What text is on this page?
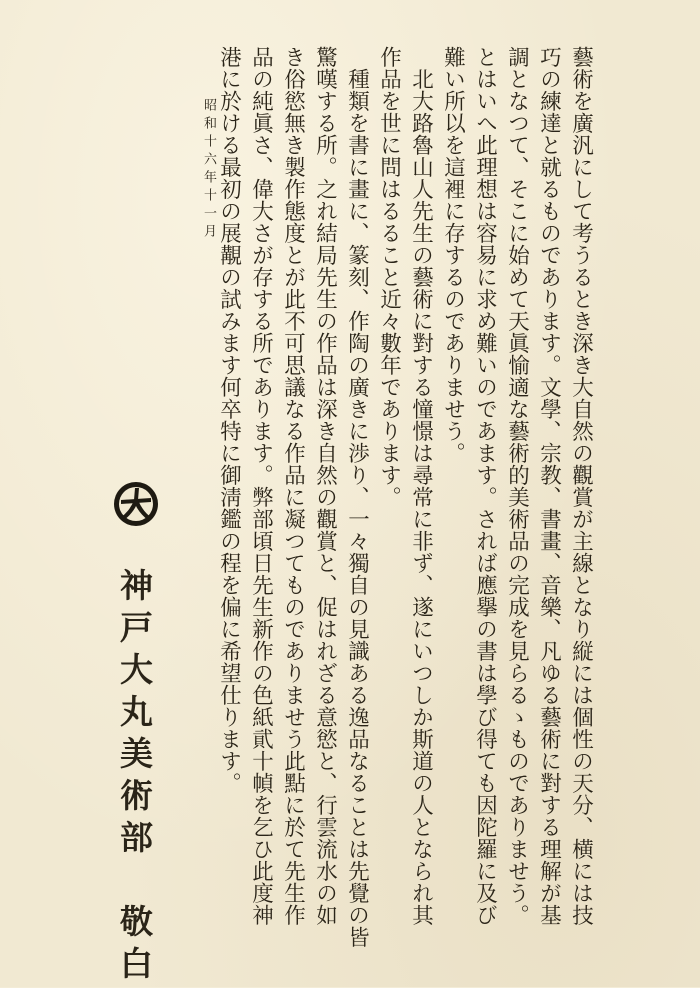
藝術を廣汎にして考うるとき深き大自然の觀賞が主線となり縦には個性の天分、横には技
巧の練達と就るものであります。文學、宗教、書畫、音樂、凡ゆる藝術に對する理解が基
調となつて、そこに始めて天眞愉適な藝術的美術品の完成を見らるゝものでありませう。
とはいへ此理想は容易に求め難いのであます。されば應擧の書は學び得ても因陀羅に及び
難い所以を這裡に存するのでありませう。
　北大路魯山人先生の藝術に對する憧憬は尋常に非ず、遂にいつしか斯道の人となられ其
作品を世に問はるること近々數年であります。
　種類を書に畫に、篆刻、作陶の廣きに渉り、一々獨自の見識ある逸品なることは先覺の皆
驚嘆する所。之れ結局先生の作品は深き自然の觀賞と、促はれざる意慾と、行雲流水の如
き俗慾無き製作態度とが此不可思議なる作品に凝つてものでありませう此點に於て先生作
品の純眞さ、偉大さが存する所であります。弊部頃日先生新作の色紙貮十幀を乞ひ此度神
港に於ける最初の展覯の試みます何卒特に御淸鑑の程を偏に希望仕ります。
昭和十六年十一月
神戸大丸美術部　敬白
